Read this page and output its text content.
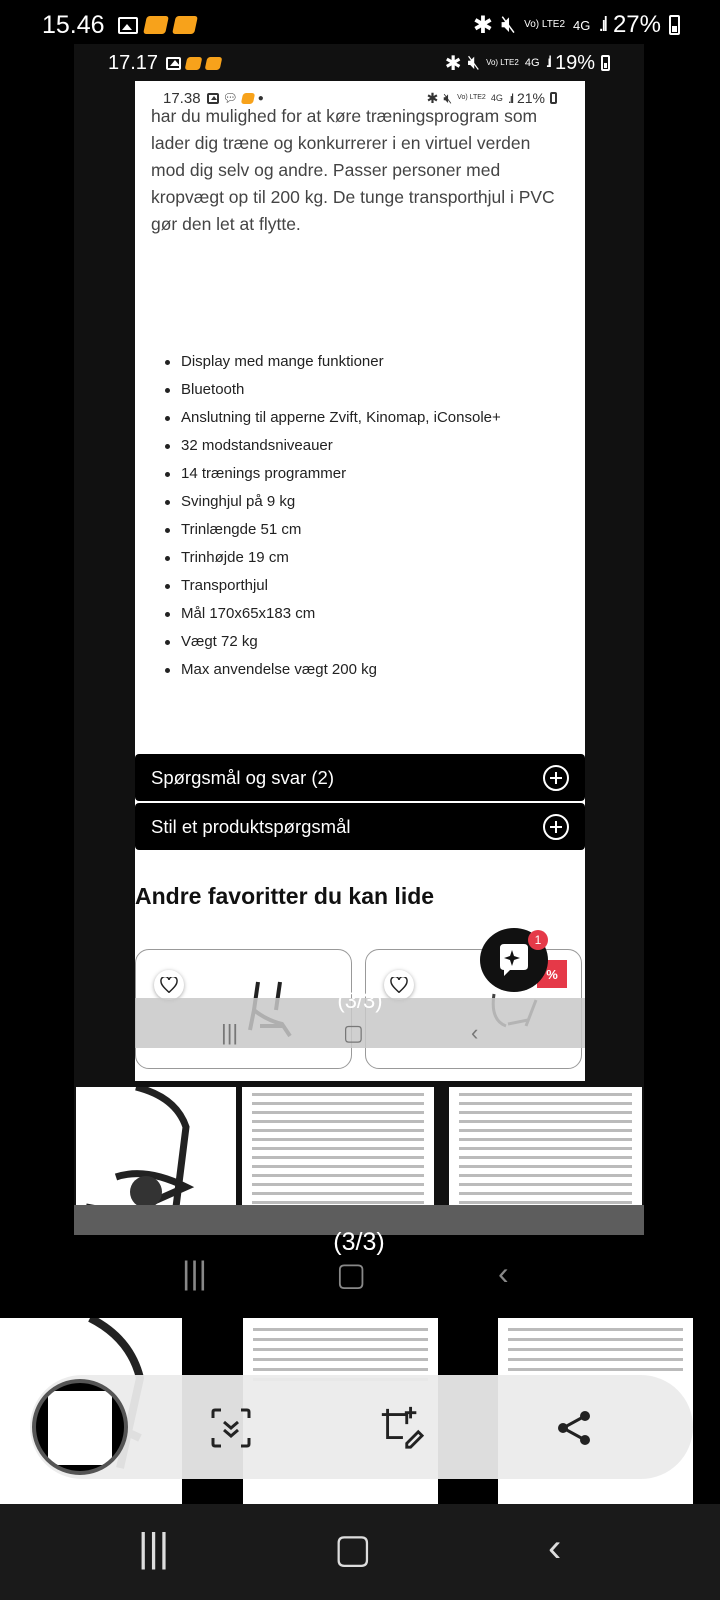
15.46	✱ 🔇︎ Vo) LTE2 4G .ıl 27%
17.17	✱ 🔇︎ Vo) LTE2 4G .ıl 19%
17.38 💬︎ ●	✱ 🔇︎ Vo) LTE2 4G .ıl 21%

har du mulighed for at køre træningsprogram som lader dig træne og konkurrerer i en virtuel verden mod dig selv og andre. Passer personer med kropvægt op til 200 kg. De tunge transporthjul i PVC gør den let at flytte.

Display med mange funktioner
Bluetooth
Anslutning til apperne Zvift, Kinomap, iConsole+
32 modstandsniveauer
14 trænings programmer
Svinghjul på 9 kg
Trinlængde 51 cm
Trinhøjde 19 cm
Transporthjul
Mål 170x65x183 cm
Vægt 72 kg
Max anvendelse vægt 200 kg
Spørgsmål og svar (2)
Stil et produktspørgsmål
Andre favoritter du kan lide
%
1
(3/3)
|||	▢	‹
(3/3)
|||	▢	‹
|||	▢	‹
